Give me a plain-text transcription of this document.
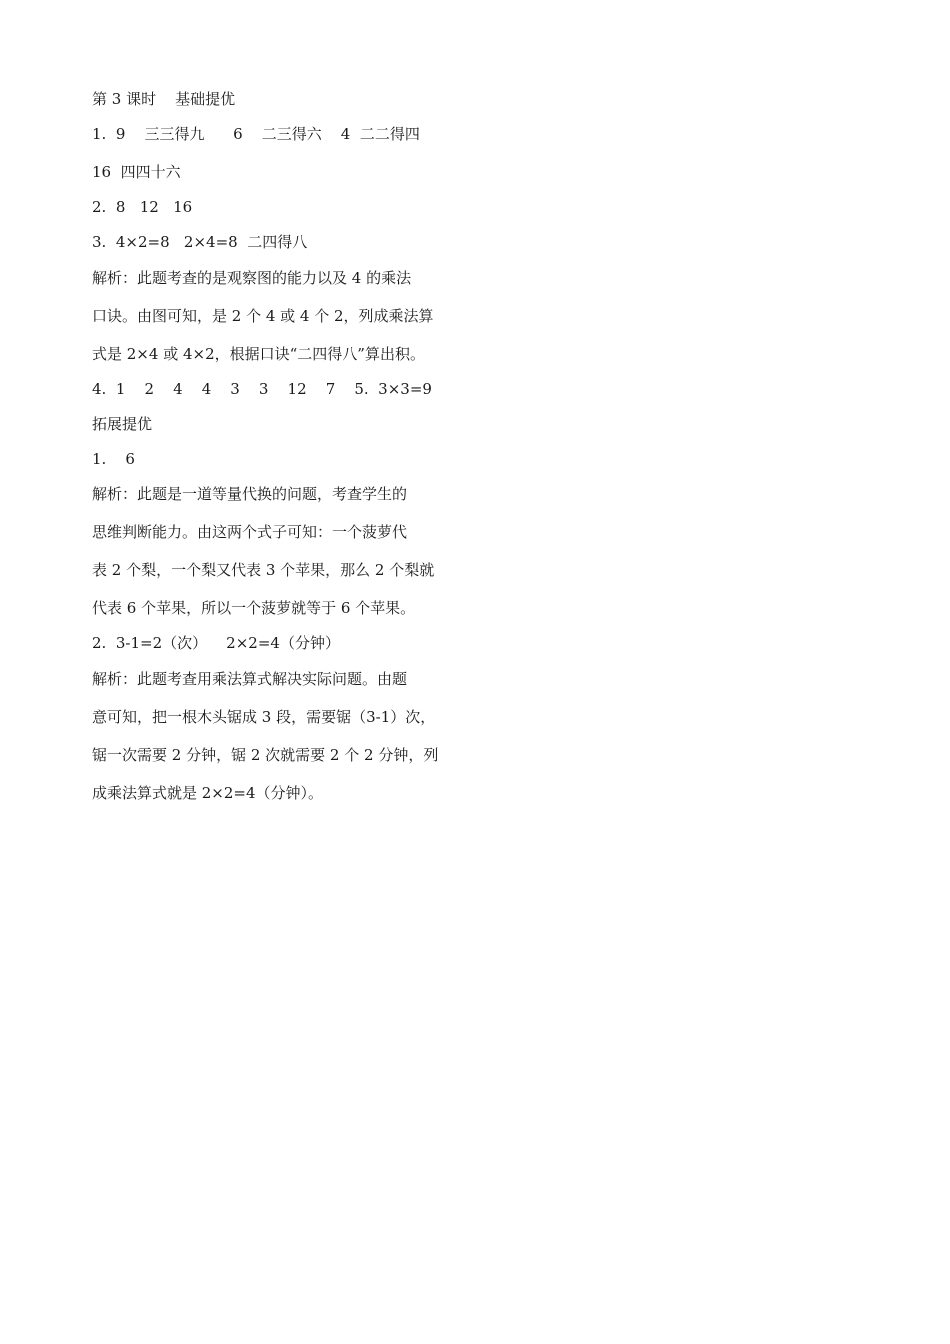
第 3 课时    基础提优

1.  9    三三得九      6    二三得六    4  二二得四

16  四四十六

2.  8   12   16

3.  4×2=8   2×4=8  二四得八

解析：此题考查的是观察图的能力以及 4 的乘法

口诀。由图可知，是 2 个 4 或 4 个 2，列成乘法算

式是 2×4 或 4×2，根据口诀“二四得八”算出积。

4.  1    2    4    4    3    3    12    7    5.  3×3=9

拓展提优

1.    6

解析：此题是一道等量代换的问题，考查学生的

思维判断能力。由这两个式子可知：一个菠萝代

表 2 个梨，一个梨又代表 3 个苹果，那么 2 个梨就

代表 6 个苹果，所以一个菠萝就等于 6 个苹果。

2.  3-1=2（次）    2×2=4（分钟）

解析：此题考查用乘法算式解决实际问题。由题

意可知，把一根木头锯成 3 段，需要锯（3-1）次，

锯一次需要 2 分钟，锯 2 次就需要 2 个 2 分钟，列

成乘法算式就是 2×2=4（分钟）。
